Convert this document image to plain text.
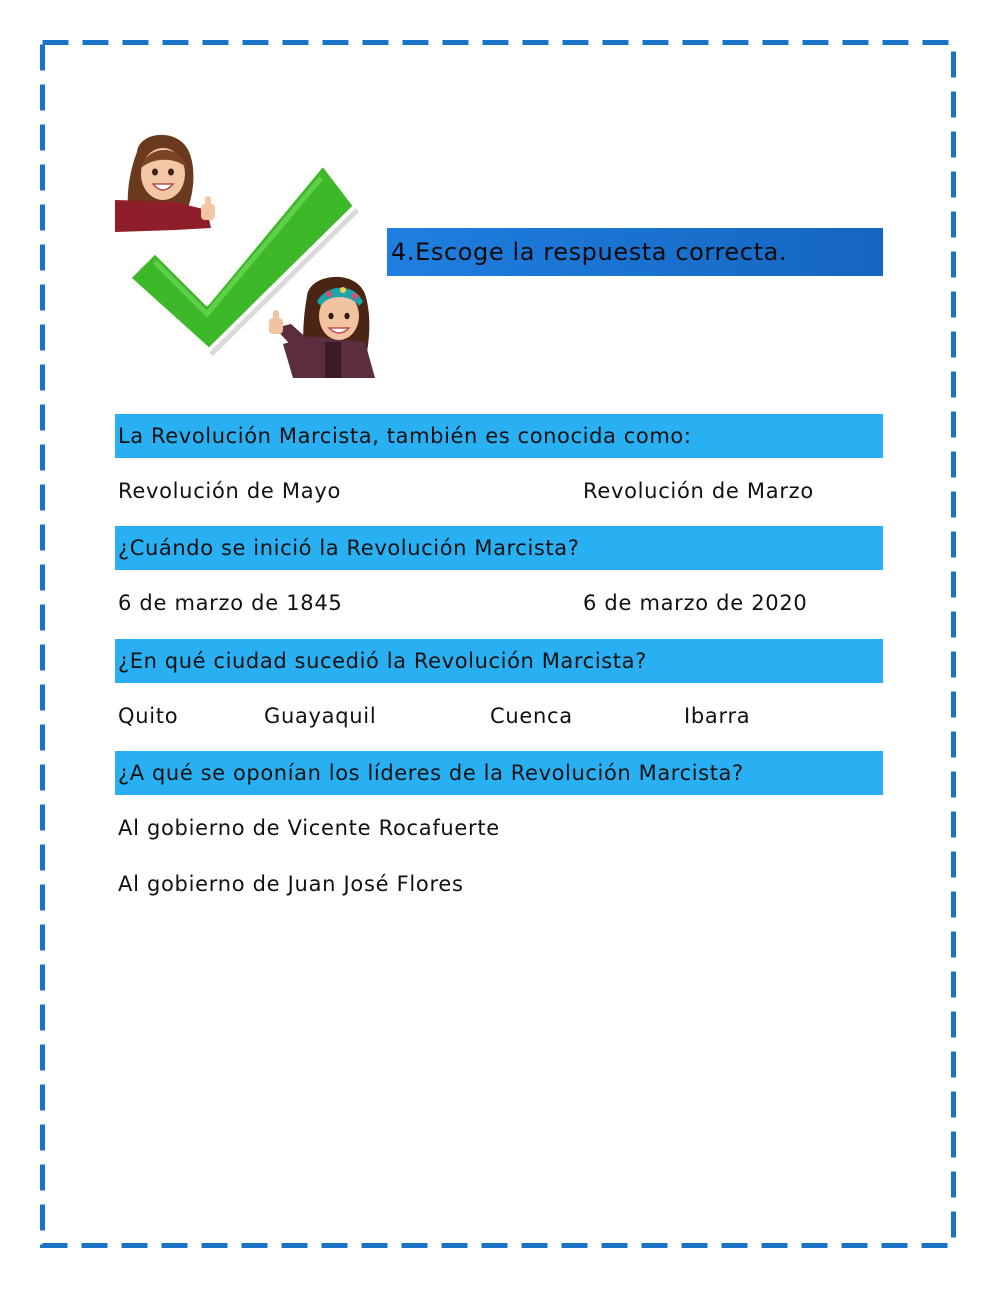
4.Escoge la respuesta correcta.
La Revolución Marcista, también es conocida como:
Revolución de Mayo	Revolución de Marzo
¿Cuándo se inició la Revolución Marcista?
6 de marzo de 1845	6 de marzo de 2020
¿En qué ciudad sucedió la Revolución Marcista?
Quito	Guayaquil	Cuenca	Ibarra
¿A qué se oponían los líderes de la Revolución Marcista?
Al gobierno de Vicente Rocafuerte
Al gobierno de Juan José Flores
